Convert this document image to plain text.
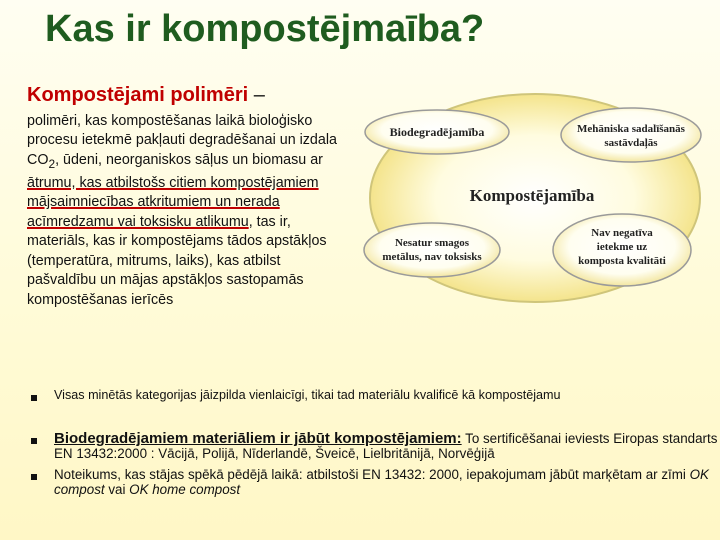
Kas ir kompostējmaība?
Kompostējami polimēri –
polimēri, kas kompostēšanas laikā bioloģisko procesu ietekmē pakļauti degradēšanai un izdala $CO_2$, ūdeni, neorganiskos sāļus un biomasu ar ātrumu, kas atbilstošs citiem kompostējamiem mājsaimniecības atkritumiem un nerada acīmredzamu vai toksisku atlikumu, tas ir, materiāls, kas ir kompostējams tādos apstākļos (temperatūra, mitrums, laiks), kas atbilst pašvaldību un mājas apstākļos sastopamās kompostēšanas ierīcēs
Biodegradējamība	Mehāniska sadalīšanās
sastāvdaļās
Kompostējamība
Nesatur smagos
metālus, nav toksisks
Nav negatīva
ietekme uz
komposta kvalitāti
Visas minētās kategorijas jāizpilda vienlaicīgi, tikai tad materiālu kvalificē kā kompostējamu
Biodegradējamiem materiāliem ir jābūt kompostējamiem: To sertificēšanai ieviests Eiropas standarts EN 13432:2000 : Vācijā, Polijā, Nīderlandē, Šveicē, Lielbritānijā, Norvēģijā
Noteikums, kas stājas spēkā pēdējā laikā: atbilstoši EN 13432: 2000, iepakojumam jābūt marķētam ar zīmi OK compost vai OK home compost
